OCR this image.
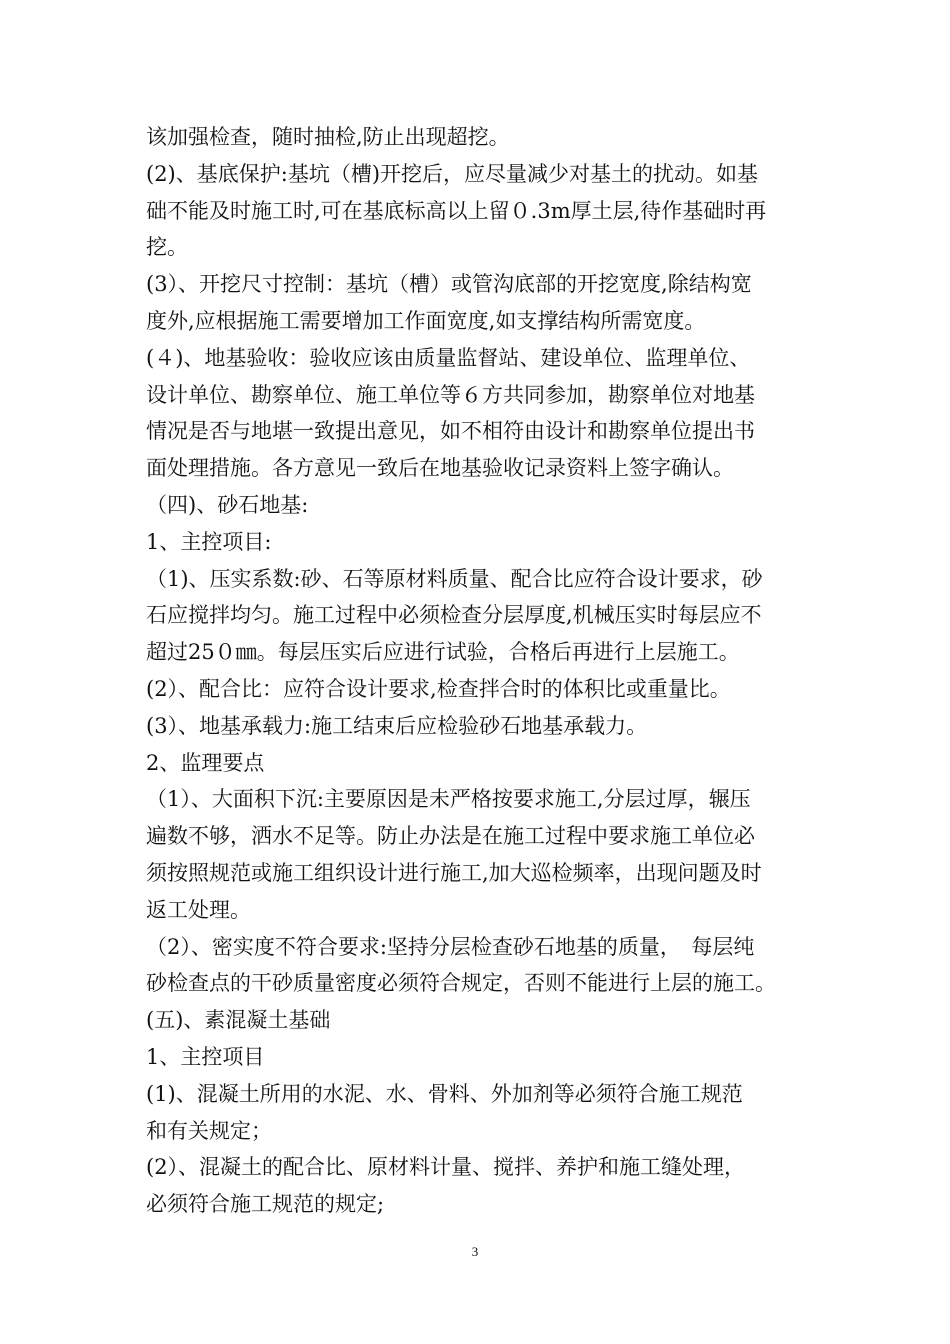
该加强检查，随时抽检,防止出现超挖。
(2)、基底保护:基坑（槽)开挖后，应尽量减少对基土的扰动。如基
础不能及时施工时,可在基底标高以上留０.3m厚土层,待作基础时再
挖。
(3）、开挖尺寸控制：基坑（槽）或管沟底部的开挖宽度,除结构宽
度外,应根据施工需要增加工作面宽度,如支撑结构所需宽度。
(４)、地基验收：验收应该由质量监督站、建设单位、监理单位、
设计单位、勘察单位、施工单位等６方共同参加，勘察单位对地基
情况是否与地堪一致提出意见，如不相符由设计和勘察单位提出书
面处理措施。各方意见一致后在地基验收记录资料上签字确认。
（四)、砂石地基:
1、主控项目:
（1)、压实系数:砂、石等原材料质量、配合比应符合设计要求，砂
石应搅拌均匀。施工过程中必须检查分层厚度,机械压实时每层应不
超过25０㎜。每层压实后应进行试验，合格后再进行上层施工。
(2）、配合比：应符合设计要求,检查拌合时的体积比或重量比。
(3）、地基承载力:施工结束后应检验砂石地基承载力。
2、监理要点
（1）、大面积下沉:主要原因是未严格按要求施工,分层过厚，辗压
遍数不够，洒水不足等。防止办法是在施工过程中要求施工单位必
须按照规范或施工组织设计进行施工,加大巡检频率，出现问题及时
返工处理。
（2）、密实度不符合要求:坚持分层检查砂石地基的质量，　每层纯
砂检查点的干砂质量密度必须符合规定，否则不能进行上层的施工。
(五)、素混凝土基础
1、主控项目
(1)、混凝土所用的水泥、水、骨料、外加剂等必须符合施工规范
和有关规定；
(2）、混凝土的配合比、原材料计量、搅拌、养护和施工缝处理，
必须符合施工规范的规定;
3
